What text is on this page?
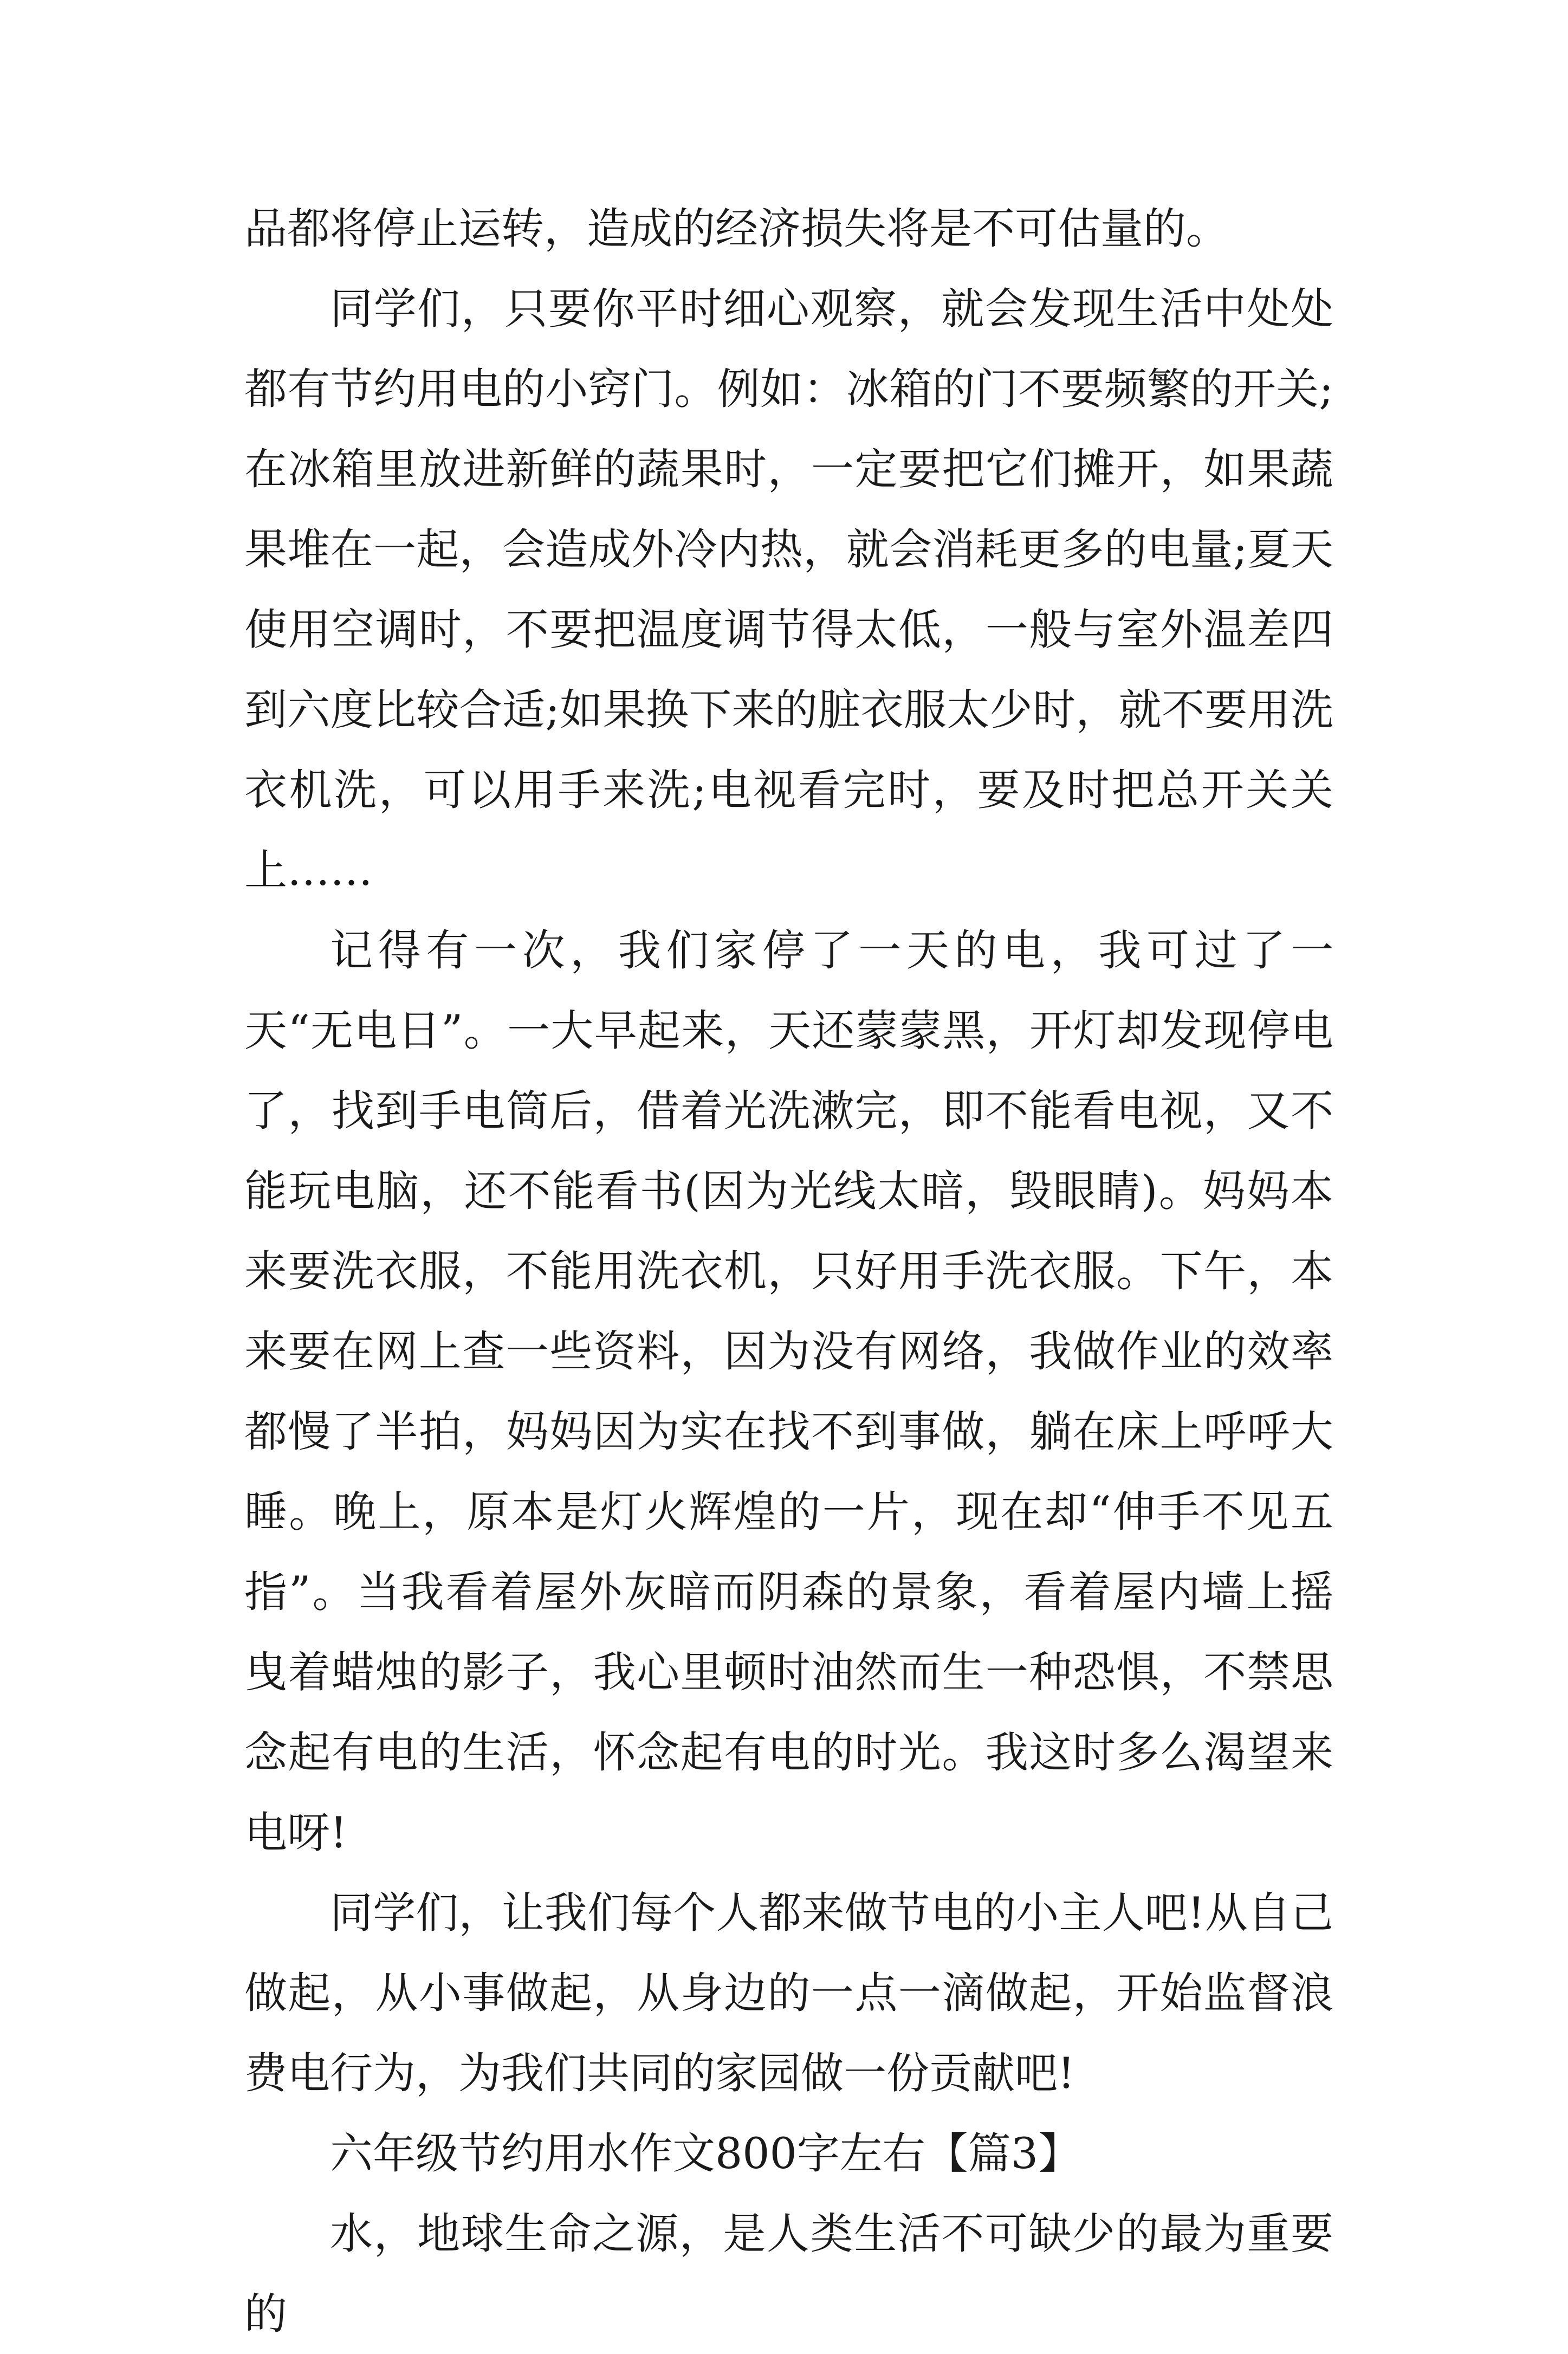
品都将停止运转，造成的经济损失将是不可估量的。

同学们，只要你平时细心观察，就会发现生活中处处都有节约用电的小窍门。例如：冰箱的门不要频繁的开关;在冰箱里放进新鲜的蔬果时，一定要把它们摊开，如果蔬果堆在一起，会造成外冷内热，就会消耗更多的电量;夏天使用空调时，不要把温度调节得太低，一般与室外温差四到六度比较合适;如果换下来的脏衣服太少时，就不要用洗衣机洗，可以用手来洗;电视看完时，要及时把总开关关上……

记得有一次，我们家停了一天的电，我可过了一天“无电日”。一大早起来，天还蒙蒙黑，开灯却发现停电了，找到手电筒后，借着光洗漱完，即不能看电视，又不能玩电脑，还不能看书(因为光线太暗，毁眼睛)。妈妈本来要洗衣服，不能用洗衣机，只好用手洗衣服。下午，本来要在网上查一些资料，因为没有网络，我做作业的效率都慢了半拍，妈妈因为实在找不到事做，躺在床上呼呼大睡。晚上，原本是灯火辉煌的一片，现在却“伸手不见五指”。当我看着屋外灰暗而阴森的景象，看着屋内墙上摇曳着蜡烛的影子，我心里顿时油然而生一种恐惧，不禁思念起有电的生活，怀念起有电的时光。我这时多么渴望来电呀!

同学们，让我们每个人都来做节电的小主人吧!从自己做起，从小事做起，从身边的一点一滴做起，开始监督浪费电行为，为我们共同的家园做一份贡献吧!

六年级节约用水作文800字左右【篇3】

水，地球生命之源，是人类生活不可缺少的最为重要的
